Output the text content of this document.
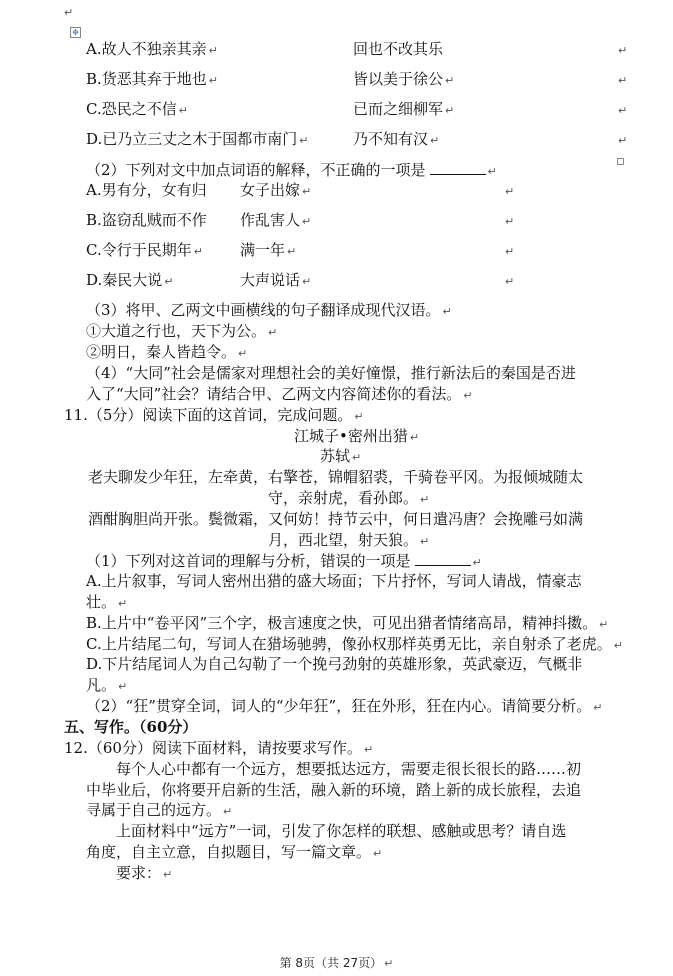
↵
✥
A.故人不独亲其亲 ↵	回也不改其乐	↵
B.货恶其弃于地也 ↵	皆以美于徐公 ↵	↵
C.恐民之不信 ↵	已而之细柳军 ↵	↵
D.已乃立三丈之木于国都市南门 ↵	乃不知有汉 ↵	↵
（2）下列对文中加点词语的解释，不正确的一项是	↵
A.男有分，女有归 女子出嫁 ↵	↵
B.盗窃乱贼而不作 作乱害人 ↵	↵
C.令行于民期年 ↵ 满一年 ↵	↵
D.秦民大说 ↵	大声说话 ↵	↵
（3）将甲、乙两文中画横线的句子翻译成现代汉语。 ↵
①大道之行也，天下为公。 ↵
②明日，秦人皆趋令。 ↵
（4）“大同”社会是儒家对理想社会的美好憧憬，推行新法后的秦国是否进
入了“大同”社会？请结合甲、乙两文内容简述你的看法。 ↵
11.（5分）阅读下面的这首词，完成问题。 ↵
江城子•密州出猎 ↵
苏轼 ↵
老夫聊发少年狂，左牵黄，右擎苍，锦帽貂裘，千骑卷平冈。为报倾城随太
守，亲射虎，看孙郎。 ↵
酒酣胸胆尚开张。鬓微霜，又何妨！持节云中，何日遣冯唐？会挽雕弓如满
月，西北望，射天狼。 ↵
（1）下列对这首词的理解与分析，错误的一项是	↵
A.上片叙事，写词人密州出猎的盛大场面；下片抒怀，写词人请战，情豪志
壮。 ↵
B.上片中“卷平冈”三个字，极言速度之快，可见出猎者情绪高昂，精神抖擞。 ↵
C.上片结尾二句，写词人在猎场驰骋，像孙权那样英勇无比，亲自射杀了老虎。 ↵
D.下片结尾词人为自己勾勒了一个挽弓劲射的英雄形象，英武豪迈，气概非
凡。 ↵
（2）“狂”贯穿全词，词人的“少年狂”，狂在外形，狂在内心。请简要分析。 ↵
五、写作。（60分）
12.（60分）阅读下面材料，请按要求写作。 ↵
每个人心中都有一个远方，想要抵达远方，需要走很长很长的路……初
中毕业后，你将要开启新的生活，融入新的环境，踏上新的成长旅程，去追
寻属于自己的远方。 ↵
上面材料中“远方”一词，引发了你怎样的联想、感触或思考？请自选
角度，自主立意，自拟题目，写一篇文章。 ↵
要求： ↵
第 8页（共 27页） ↵
